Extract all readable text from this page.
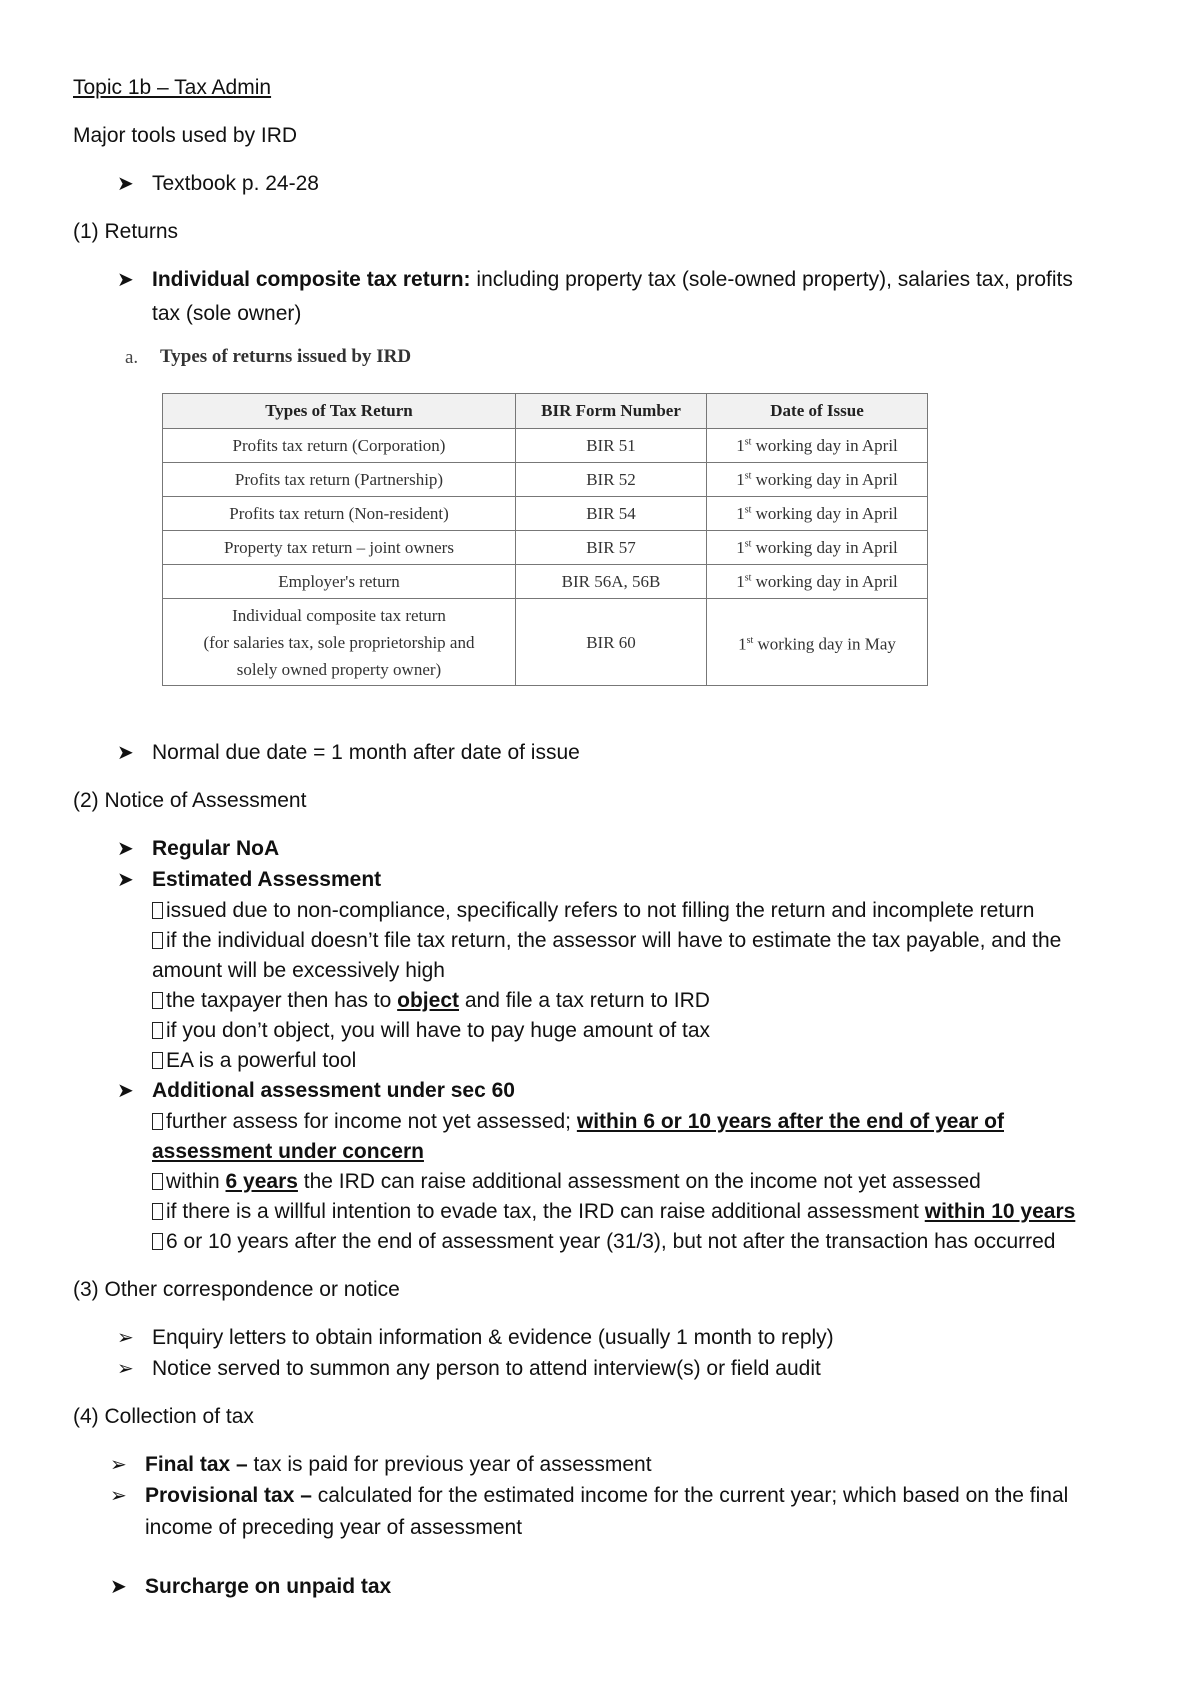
Topic 1b – Tax Admin
Major tools used by IRD
➤ Textbook p. 24-28
(1) Returns
➤ Individual composite tax return: including property tax (sole-owned property), salaries tax, profits
tax (sole owner)
a. Types of returns issued by IRD
Types of Tax Return	BIR Form Number	Date of Issue
Profits tax return (Corporation)	BIR 51	1st working day in April
Profits tax return (Partnership)	BIR 52	1st working day in April
Profits tax return (Non-resident)	BIR 54	1st working day in April
Property tax return – joint owners	BIR 57	1st working day in April
Employer's return	BIR 56A, 56B	1st working day in April

Individual composite tax return
(for salaries tax, sole proprietorship and
solely owned property owner)	BIR 60	1st working day in May
➤ Normal due date = 1 month after date of issue
(2) Notice of Assessment
➤ Regular NoA
➤ Estimated Assessment
issued due to non-compliance, specifically refers to not filling the return and incomplete return
if the individual doesn’t file tax return, the assessor will have to estimate the tax payable, and the
amount will be excessively high
the taxpayer then has to object and file a tax return to IRD
if you don’t object, you will have to pay huge amount of tax
EA is a powerful tool
➤ Additional assessment under sec 60
further assess for income not yet assessed; within 6 or 10 years after the end of year of
assessment under concern
within 6 years the IRD can raise additional assessment on the income not yet assessed
if there is a willful intention to evade tax, the IRD can raise additional assessment within 10 years
6 or 10 years after the end of assessment year (31/3), but not after the transaction has occurred
(3) Other correspondence or notice
➢ Enquiry letters to obtain information & evidence (usually 1 month to reply)
➢ Notice served to summon any person to attend interview(s) or field audit
(4) Collection of tax
➢ Final tax – tax is paid for previous year of assessment
➢ Provisional tax – calculated for the estimated income for the current year; which based on the final
income of preceding year of assessment
➤ Surcharge on unpaid tax
